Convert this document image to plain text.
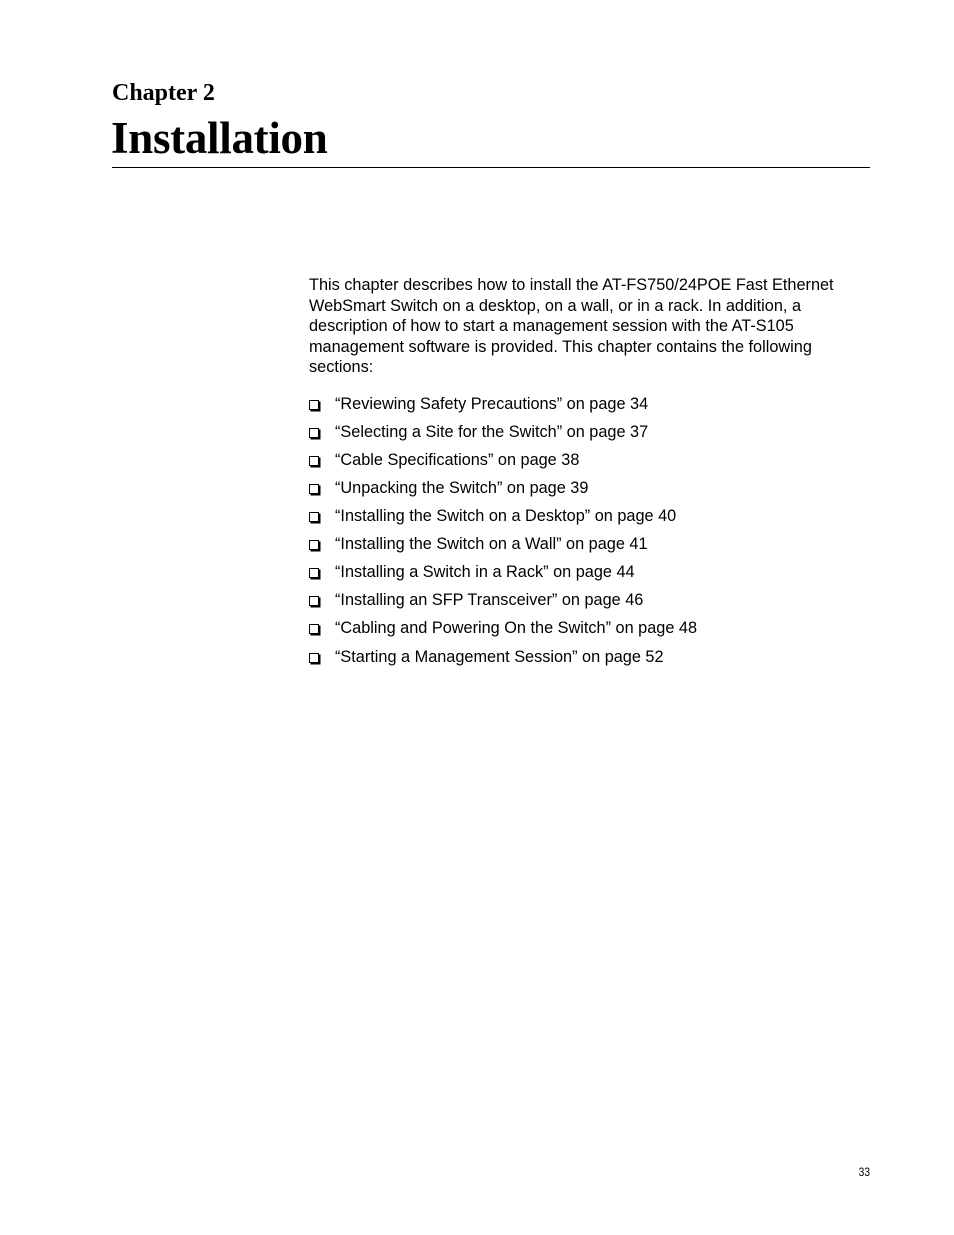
Chapter 2
Installation

This chapter describes how to install the AT-FS750/24POE Fast Ethernet
WebSmart Switch on a desktop, on a wall, or in a rack. In addition, a
description of how to start a management session with the AT-S105
management software is provided. This chapter contains the following
sections:

“Reviewing Safety Precautions” on page 34
“Selecting a Site for the Switch” on page 37
“Cable Specifications” on page 38
“Unpacking the Switch” on page 39
“Installing the Switch on a Desktop” on page 40
“Installing the Switch on a Wall” on page 41
“Installing a Switch in a Rack” on page 44
“Installing an SFP Transceiver” on page 46
“Cabling and Powering On the Switch” on page 48
“Starting a Management Session” on page 52
33
